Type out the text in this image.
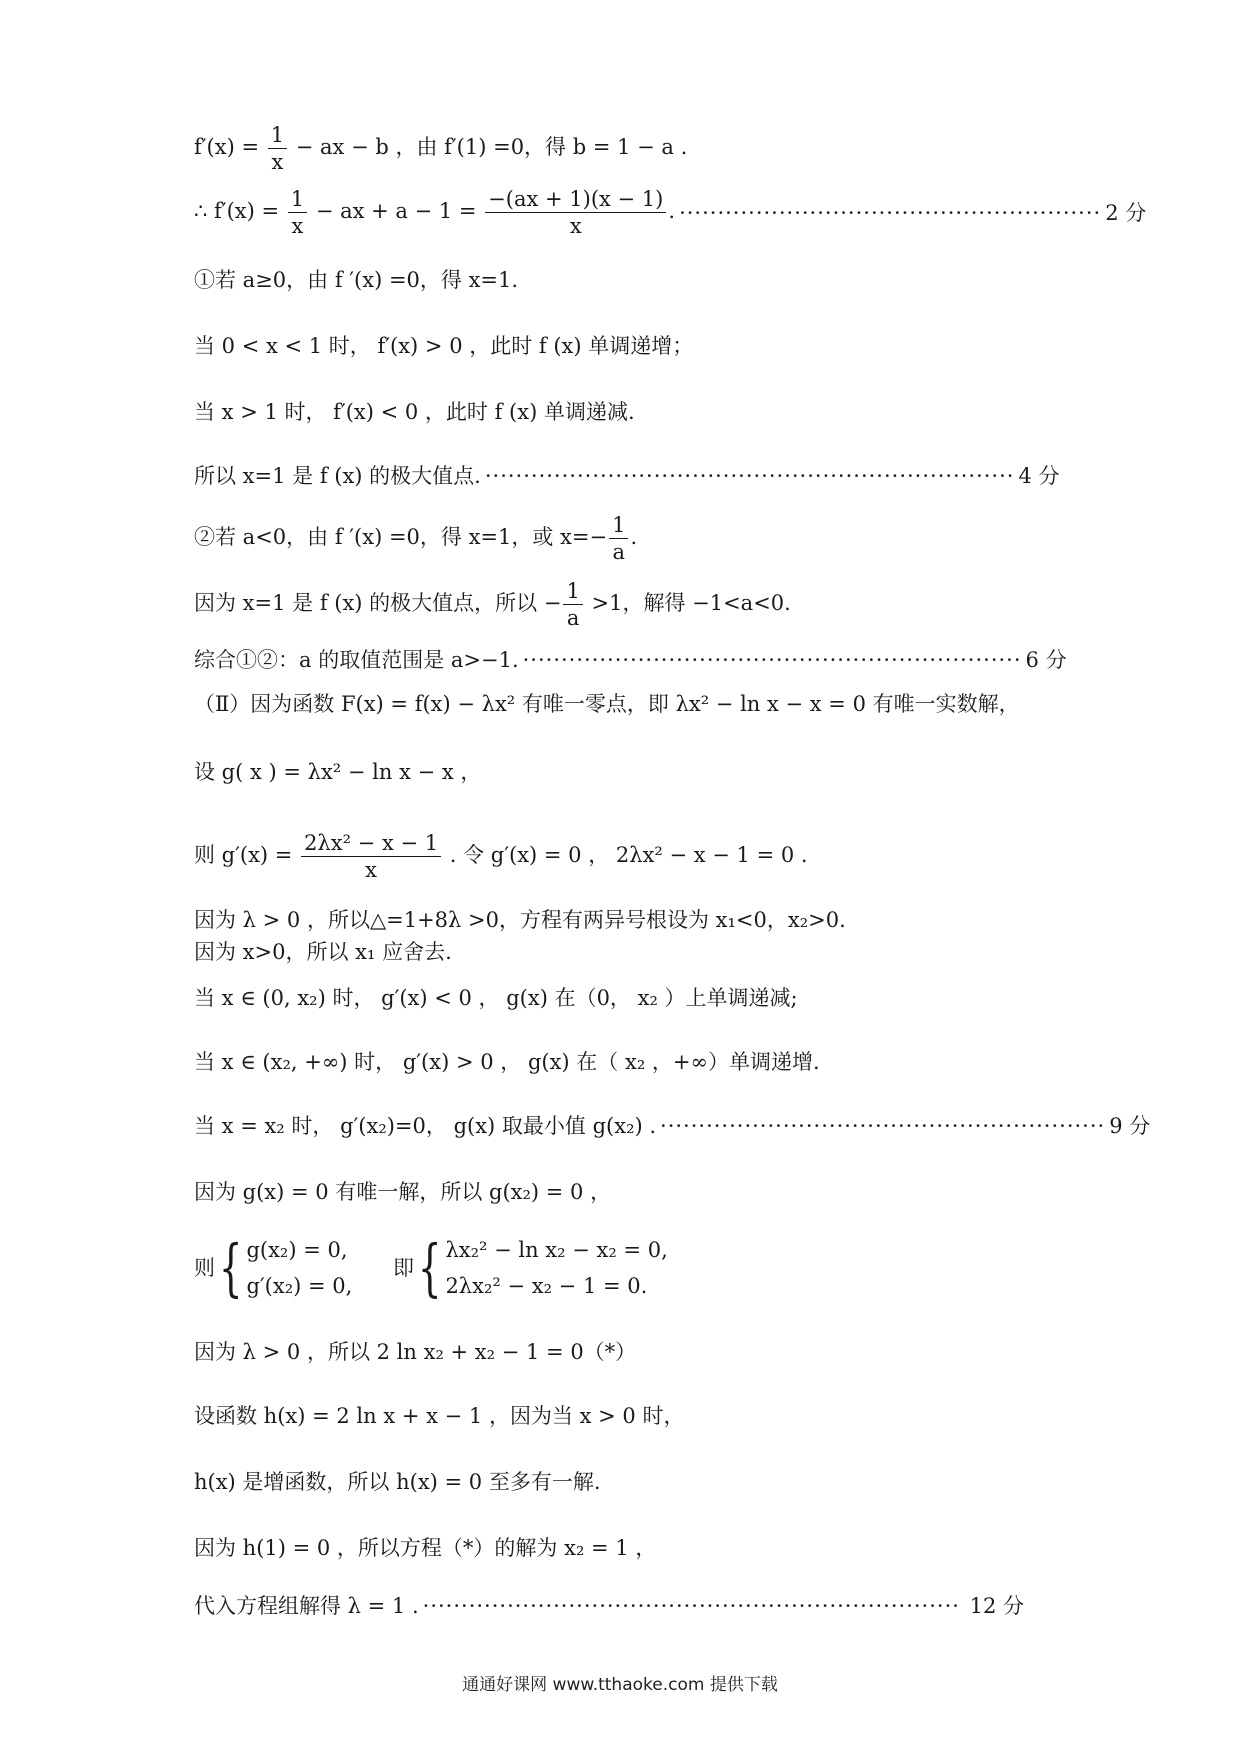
$f'(x) = \frac{1}{x}$ − ax − b ，由 f′(1) =0，得 b = 1 − a .
∴ $f'(x) = \frac{1}{x}$ − ax + $a - 1 = \frac{-(ax + 1)(x - 1)}{x}$ . ······················································· 2 分
①若 a≥0，由 f ′(x) =0，得 x=1.
当 0 < x < 1 时， f′(x) > 0 ，此时 f (x) 单调递增；
当 x > 1 时， f′(x) < 0 ，此时 f (x) 单调递减.
所以 x=1 是 f (x) 的极大值点. ····································································· 4 分
②若 a<0，由 f ′(x) =0，得 x=1，或 $x=- \frac{1}{a}$ .
因为 x=1 是 f (x) 的极大值点，所以 − $\frac{1}{a} >1$，解得 −1<a<0.
综合①②：a 的取值范围是 a>−1. ································································· 6 分
（Ⅱ）因为函数 F(x) = f(x) − λx² 有唯一零点，即 λx² − ln x − x = 0 有唯一实数解，
设 g( x ) = λx² − ln x − x ，
则 $g'(x) = \frac{\text{2λx² − x − 1}}{x}$ . 令 g′(x) = 0 ， 2λx² − x − 1 = 0 .
因为 λ > 0 ，所以△=1+8λ >0，方程有两异号根设为 x₁<0，x₂>0.
因为 x>0，所以 x₁ 应舍去.
当 x ∈ (0, x₂) 时， g′(x) < 0 ， g(x) 在（0， x₂ ）上单调递减;
当 x ∈ (x₂, +∞) 时， g′(x) > 0 ， g(x) 在（ x₂ ，+∞）单调递增.
当 x = x₂ 时， g′(x₂)=0， g(x) 取最小值 g(x₂) . ·························································· 9 分
因为 g(x) = 0 有唯一解，所以 g(x₂) = 0 ，
则 { g(x₂) = 0,
g′(x₂) = 0,

即 { λx₂² − ln x₂ − x₂ = 0,
2λx₂² − x₂ − 1 = 0.
因为 λ > 0 ，所以 2 ln x₂ + x₂ − 1 = 0（*）
设函数 h(x) = 2 ln x + x − 1 ，因为当 x > 0 时，
h(x) 是增函数，所以 h(x) = 0 至多有一解.
因为 h(1) = 0 ，所以方程（*）的解为 x₂ = 1 ，
代入方程组解得 λ = 1 . ······································································ 12 分
通通好课网 www.tthaoke.com 提供下载
